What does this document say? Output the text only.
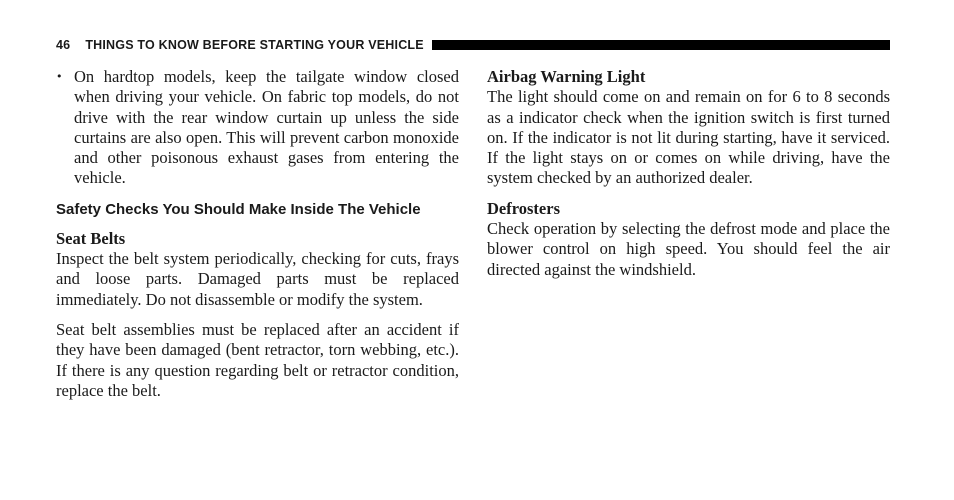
46 THINGS TO KNOW BEFORE STARTING YOUR VEHICLE
• On hardtop models, keep the tailgate window closed when driving your vehicle. On fabric top models, do not drive with the rear window curtain up unless the side curtains are also open. This will prevent carbon monoxide and other poisonous exhaust gases from entering the vehicle.
Safety Checks You Should Make Inside The Vehicle

Seat Belts

Inspect the belt system periodically, checking for cuts, frays and loose parts. Damaged parts must be replaced immediately. Do not disassemble or modify the system.

Seat belt assemblies must be replaced after an accident if they have been damaged (bent retractor, torn webbing, etc.). If there is any question regarding belt or retractor condition, replace the belt.

Airbag Warning Light

The light should come on and remain on for 6 to 8 seconds as a indicator check when the ignition switch is first turned on. If the indicator is not lit during starting, have it serviced. If the light stays on or comes on while driving, have the system checked by an authorized dealer.

Defrosters

Check operation by selecting the defrost mode and place the blower control on high speed. You should feel the air directed against the windshield.
